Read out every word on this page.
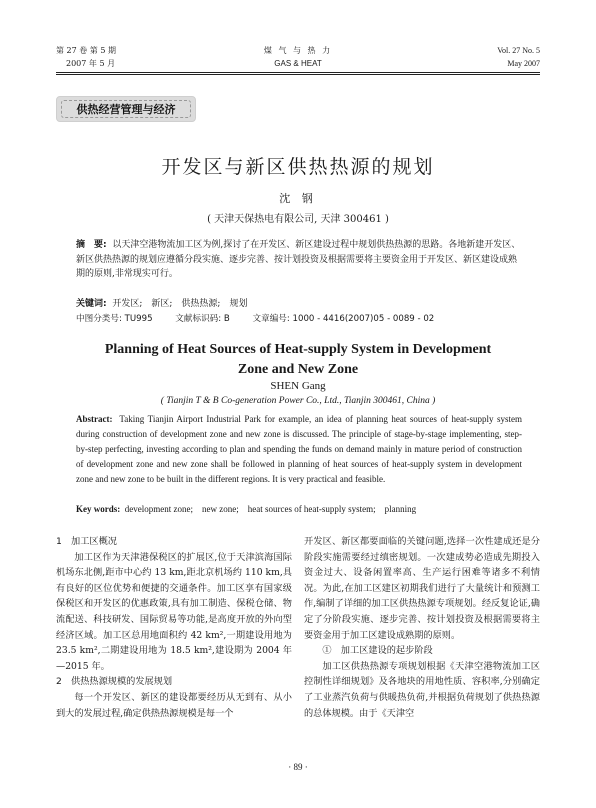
第 27 卷 第 5 期
2007 年 5 月
煤 气 与 热 力
GAS & HEAT
Vol. 27 No. 5
May 2007
供热经营管理与经济
开发区与新区供热热源的规划
沈 钢
( 天津天保热电有限公司, 天津 300461 )
摘　要: 以天津空港物流加工区为例,探讨了在开发区、新区建设过程中规划供热热源的思路。各地新建开发区、新区供热热源的规划应遵循分段实施、逐步完善、按计划投资及根据需要将主要资金用于开发区、新区建设成熟期的原则,非常现实可行。
关键词: 开发区;　新区;　供热热源;　规划
中图分类号: TU995	文献标识码: B	文章编号: 1000 - 4416(2007)05 - 0089 - 02
Planning of Heat Sources of Heat-supply System in Development
Zone and New Zone
SHEN Gang
( Tianjin T & B Co-generation Power Co., Ltd., Tianjin 300461, China )
Abstract: Taking Tianjin Airport Industrial Park for example, an idea of planning heat sources of heat-supply system during construction of development zone and new zone is discussed. The principle of stage-by-stage implementing, step-by-step perfecting, investing according to plan and spending the funds on demand mainly in mature period of construction of development zone and new zone shall be followed in planning of heat sources of heat-supply system in development zone and new zone to be built in the different regions. It is very practical and feasible.
Key words: development zone;　new zone;　heat sources of heat-supply system;　planning

1　加工区概况

加工区作为天津港保税区的扩展区,位于天津滨海国际机场东北侧,距市中心约 13 km,距北京机场约 110 km,具有良好的区位优势和便捷的交通条件。加工区享有国家级保税区和开发区的优惠政策,具有加工制造、保税仓储、物流配送、科技研发、国际贸易等功能,是高度开放的外向型经济区域。加工区总用地面积约 42 km²,一期建设用地为 23.5 km²,二期建设用地为 18.5 km²,建设期为 2004 年—2015 年。

2　供热热源规模的发展规划

每一个开发区、新区的建设都要经历从无到有、从小到大的发展过程,确定供热热源规模是每一个

开发区、新区都要面临的关键问题,选择一次性建成还是分阶段实施需要经过缜密规划。一次建成势必造成先期投入资金过大、设备闲置率高、生产运行困难等诸多不利情况。为此,在加工区建区初期我们进行了大量统计和预测工作,编制了详细的加工区供热热源专项规划。经反复论证,确定了分阶段实施、逐步完善、按计划投资及根据需要将主要资金用于加工区建设成熟期的原则。

①　加工区建设的起步阶段

加工区供热热源专项规划根据《天津空港物流加工区控制性详细规划》及各地块的用地性质、容积率,分别确定了工业蒸汽负荷与供暖热负荷,并根据负荷规划了供热热源的总体规模。由于《天津空

· 89 ·
